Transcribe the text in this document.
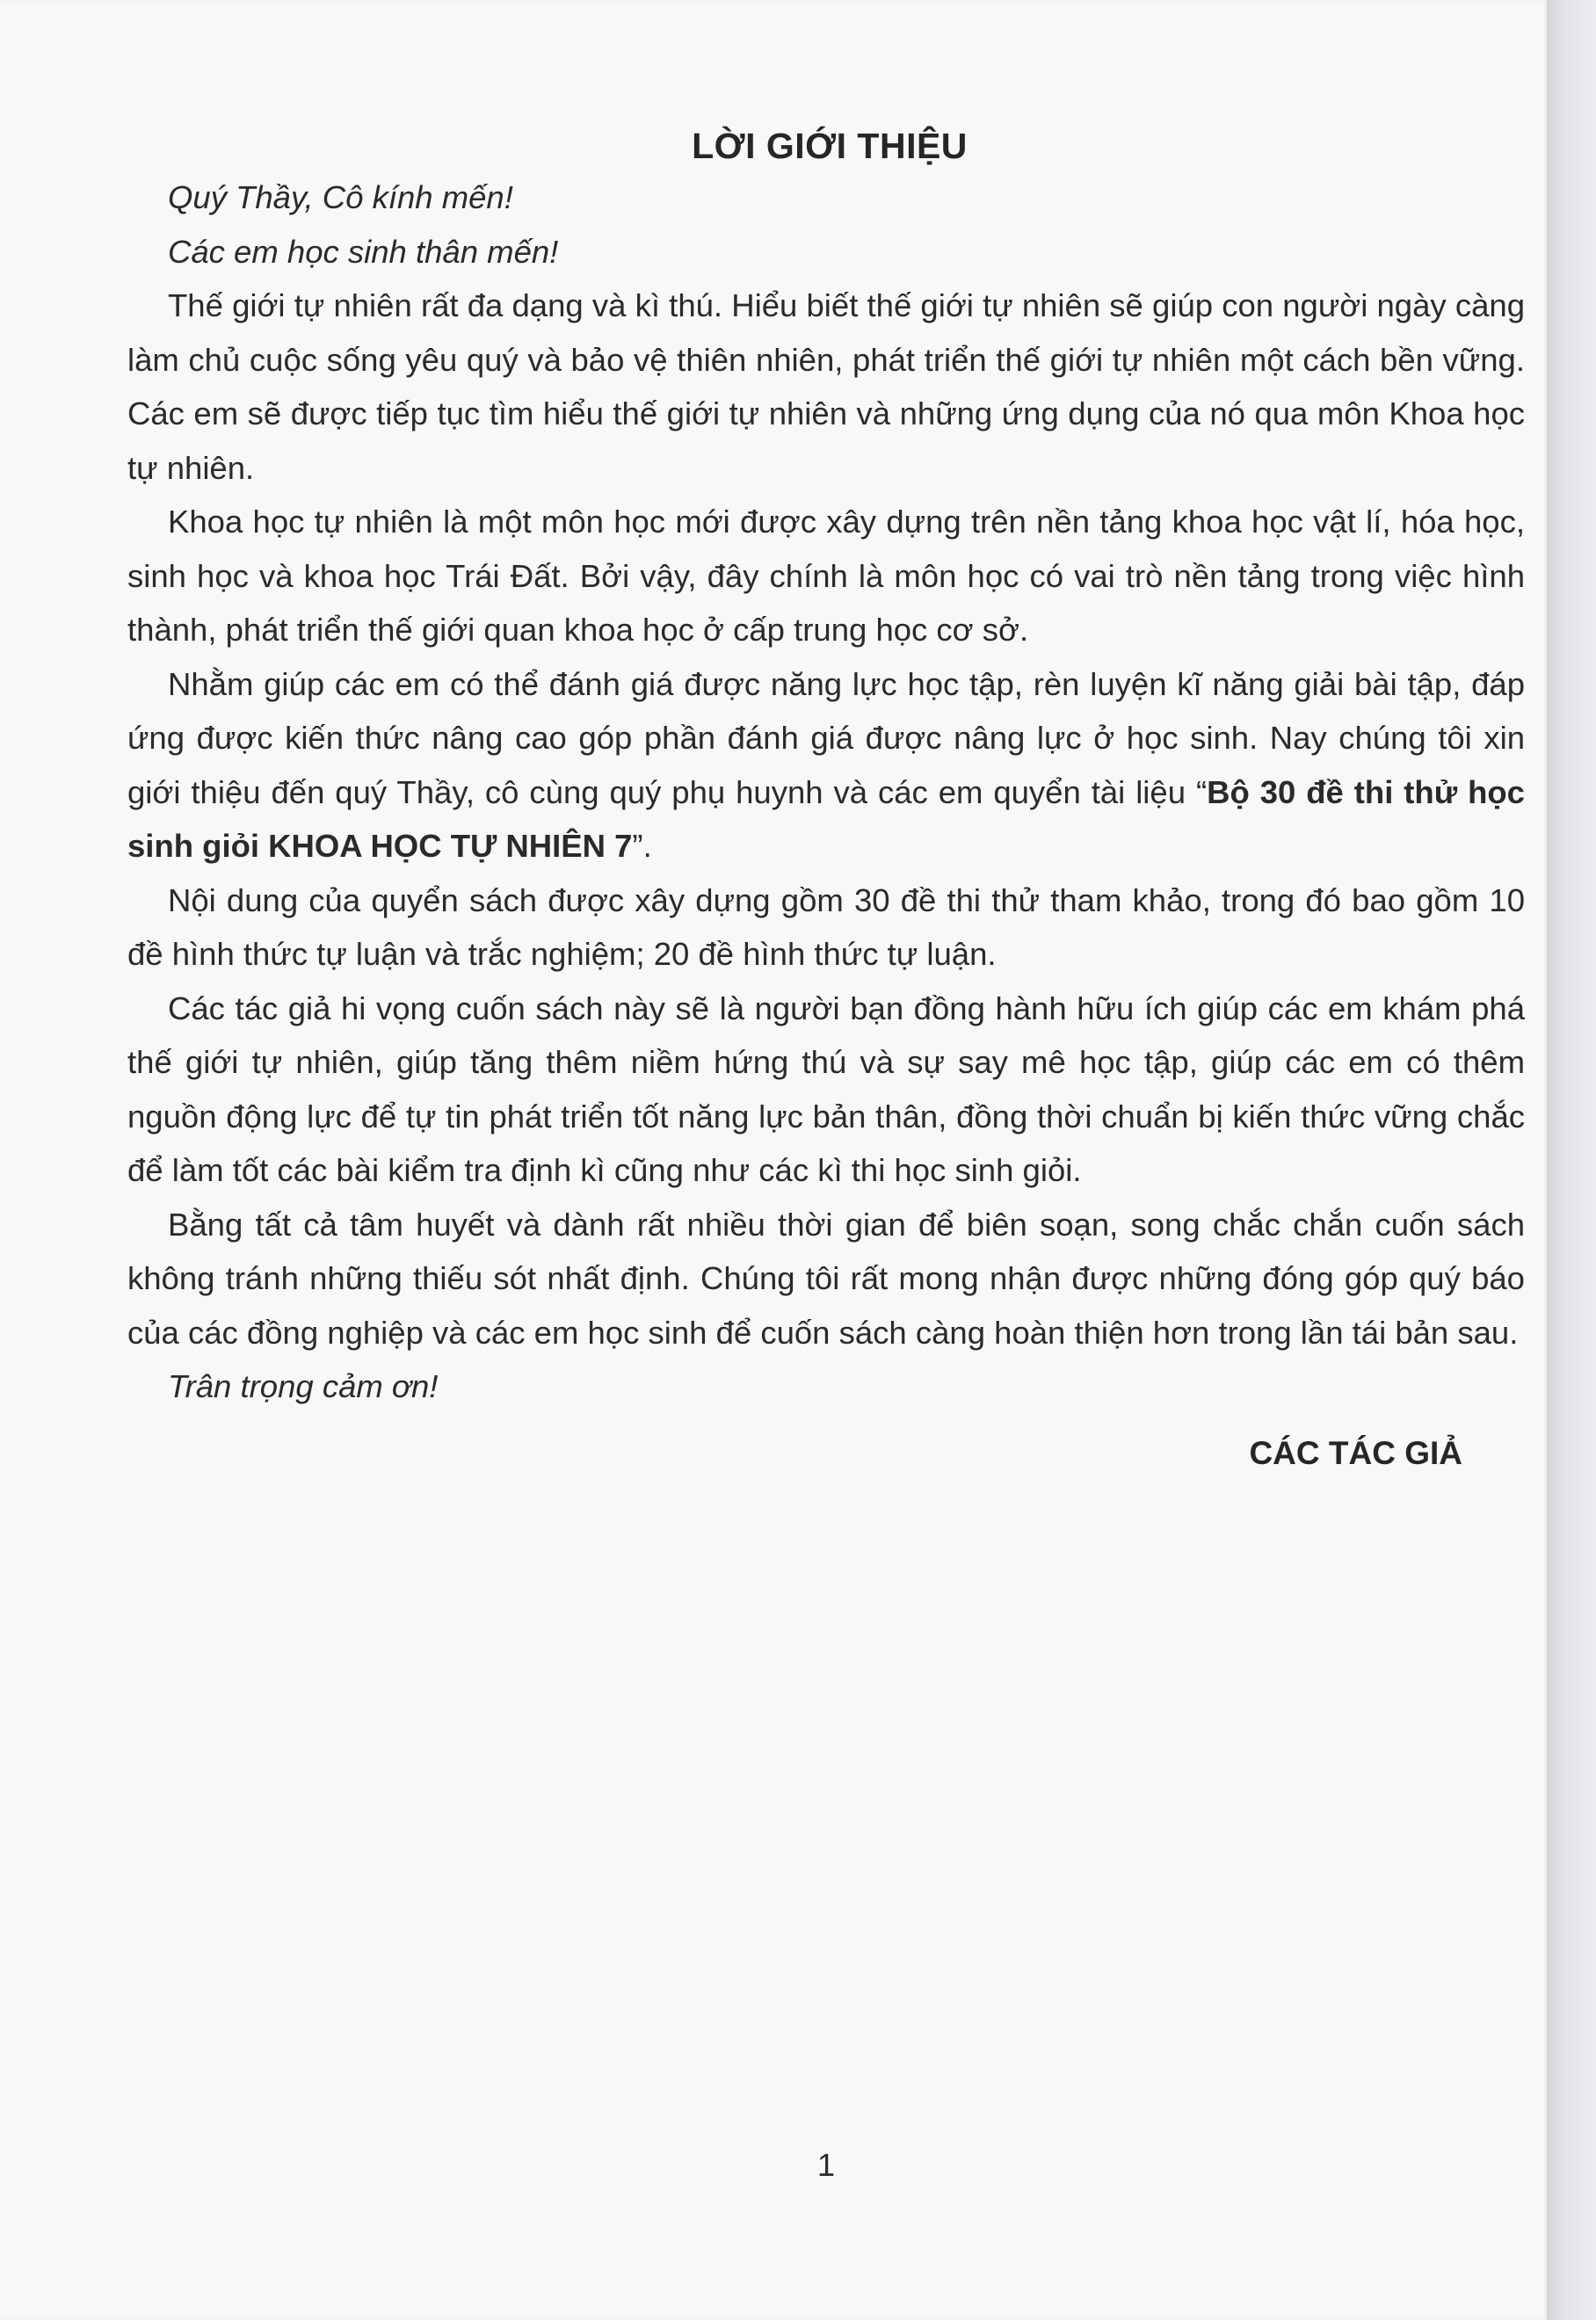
LỜI GIỚI THIỆU

Quý Thầy, Cô kính mến!

Các em học sinh thân mến!

Thế giới tự nhiên rất đa dạng và kì thú. Hiểu biết thế giới tự nhiên sẽ giúp con người ngày càng làm chủ cuộc sống yêu quý và bảo vệ thiên nhiên, phát triển thế giới tự nhiên một cách bền vững. Các em sẽ được tiếp tục tìm hiểu thế giới tự nhiên và những ứng dụng của nó qua môn Khoa học tự nhiên.

Khoa học tự nhiên là một môn học mới được xây dựng trên nền tảng khoa học vật lí, hóa học, sinh học và khoa học Trái Đất. Bởi vậy, đây chính là môn học có vai trò nền tảng trong việc hình thành, phát triển thế giới quan khoa học ở cấp trung học cơ sở.

Nhằm giúp các em có thể đánh giá được năng lực học tập, rèn luyện kĩ năng giải bài tập, đáp ứng được kiến thức nâng cao góp phần đánh giá được nâng lực ở học sinh. Nay chúng tôi xin giới thiệu đến quý Thầy, cô cùng quý phụ huynh và các em quyển tài liệu “Bộ 30 đề thi thử học sinh giỏi KHOA HỌC TỰ NHIÊN 7”.

Nội dung của quyển sách được xây dựng gồm 30 đề thi thử tham khảo, trong đó bao gồm 10 đề hình thức tự luận và trắc nghiệm; 20 đề hình thức tự luận.

Các tác giả hi vọng cuốn sách này sẽ là người bạn đồng hành hữu ích giúp các em khám phá thế giới tự nhiên, giúp tăng thêm niềm hứng thú và sự say mê học tập, giúp các em có thêm nguồn động lực để tự tin phát triển tốt năng lực bản thân, đồng thời chuẩn bị kiến thức vững chắc để làm tốt các bài kiểm tra định kì cũng như các kì thi học sinh giỏi.

Bằng tất cả tâm huyết và dành rất nhiều thời gian để biên soạn, song chắc chắn cuốn sách không tránh những thiếu sót nhất định. Chúng tôi rất mong nhận được những đóng góp quý báo của các đồng nghiệp và các em học sinh để cuốn sách càng hoàn thiện hơn trong lần tái bản sau.

Trân trọng cảm ơn!

CÁC TÁC GIẢ
1
